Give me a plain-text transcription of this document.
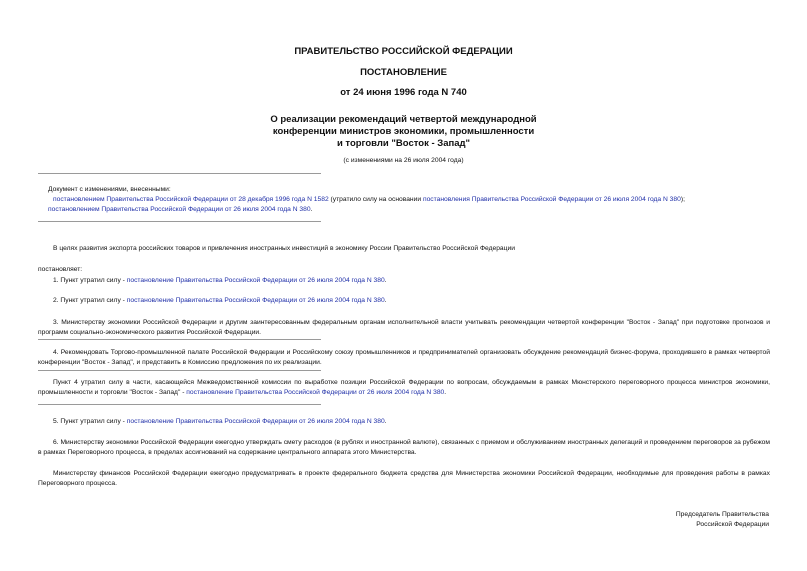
ПРАВИТЕЛЬСТВО РОССИЙСКОЙ ФЕДЕРАЦИИ
ПОСТАНОВЛЕНИЕ
от 24 июня 1996 года N 740
О реализации рекомендаций четвертой международной
конференции министров экономики, промышленности
и торговли "Восток - Запад"
(с изменениями на 26 июля 2004 года)
Документ с изменениями, внесенными:
постановлением Правительства Российской Федерации от 28 декабря 1996 года N 1582 (утратило силу на основании постановления Правительства Российской Федерации от 26 июля 2004 года N 380);
постановлением Правительства Российской Федерации от 26 июля 2004 года N 380.
В целях развития экспорта российских товаров и привлечения иностранных инвестиций в экономику России Правительство Российской Федерации
постановляет:
1. Пункт утратил силу - постановление Правительства Российской Федерации от 26 июля 2004 года N 380.
2. Пункт утратил силу - постановление Правительства Российской Федерации от 26 июля 2004 года N 380.
3. Министерству экономики Российской Федерации и другим заинтересованным федеральным органам исполнительной власти учитывать рекомендации четвертой конференции "Восток - Запад" при подготовке прогнозов и программ социально-экономического развития Российской Федерации.
4. Рекомендовать Торгово-промышленной палате Российской Федерации и Российскому союзу промышленников и предпринимателей организовать обсуждение рекомендаций бизнес-форума, проходившего в рамках четвертой конференции "Восток - Запад", и представить в Комиссию предложения по их реализации.
Пункт 4 утратил силу в части, касающейся Межведомственной комиссии по выработке позиции Российской Федерации по вопросам, обсуждаемым в рамках Мюнстерского переговорного процесса министров экономики, промышленности и торговли "Восток - Запад" - постановление Правительства Российской Федерации от 26 июля 2004 года N 380.
5. Пункт утратил силу - постановление Правительства Российской Федерации от 26 июля 2004 года N 380.
6. Министерству экономики Российской Федерации ежегодно утверждать смету расходов (в рублях и иностранной валюте), связанных с приемом и обслуживанием иностранных делегаций и проведением переговоров за рубежом в рамках Переговорного процесса, в пределах ассигнований на содержание центрального аппарата этого Министерства.
Министерству финансов Российской Федерации ежегодно предусматривать в проекте федерального бюджета средства для Министерства экономики Российской Федерации, необходимые для проведения работы в рамках Переговорного процесса.
Председатель Правительства
Российской Федерации
